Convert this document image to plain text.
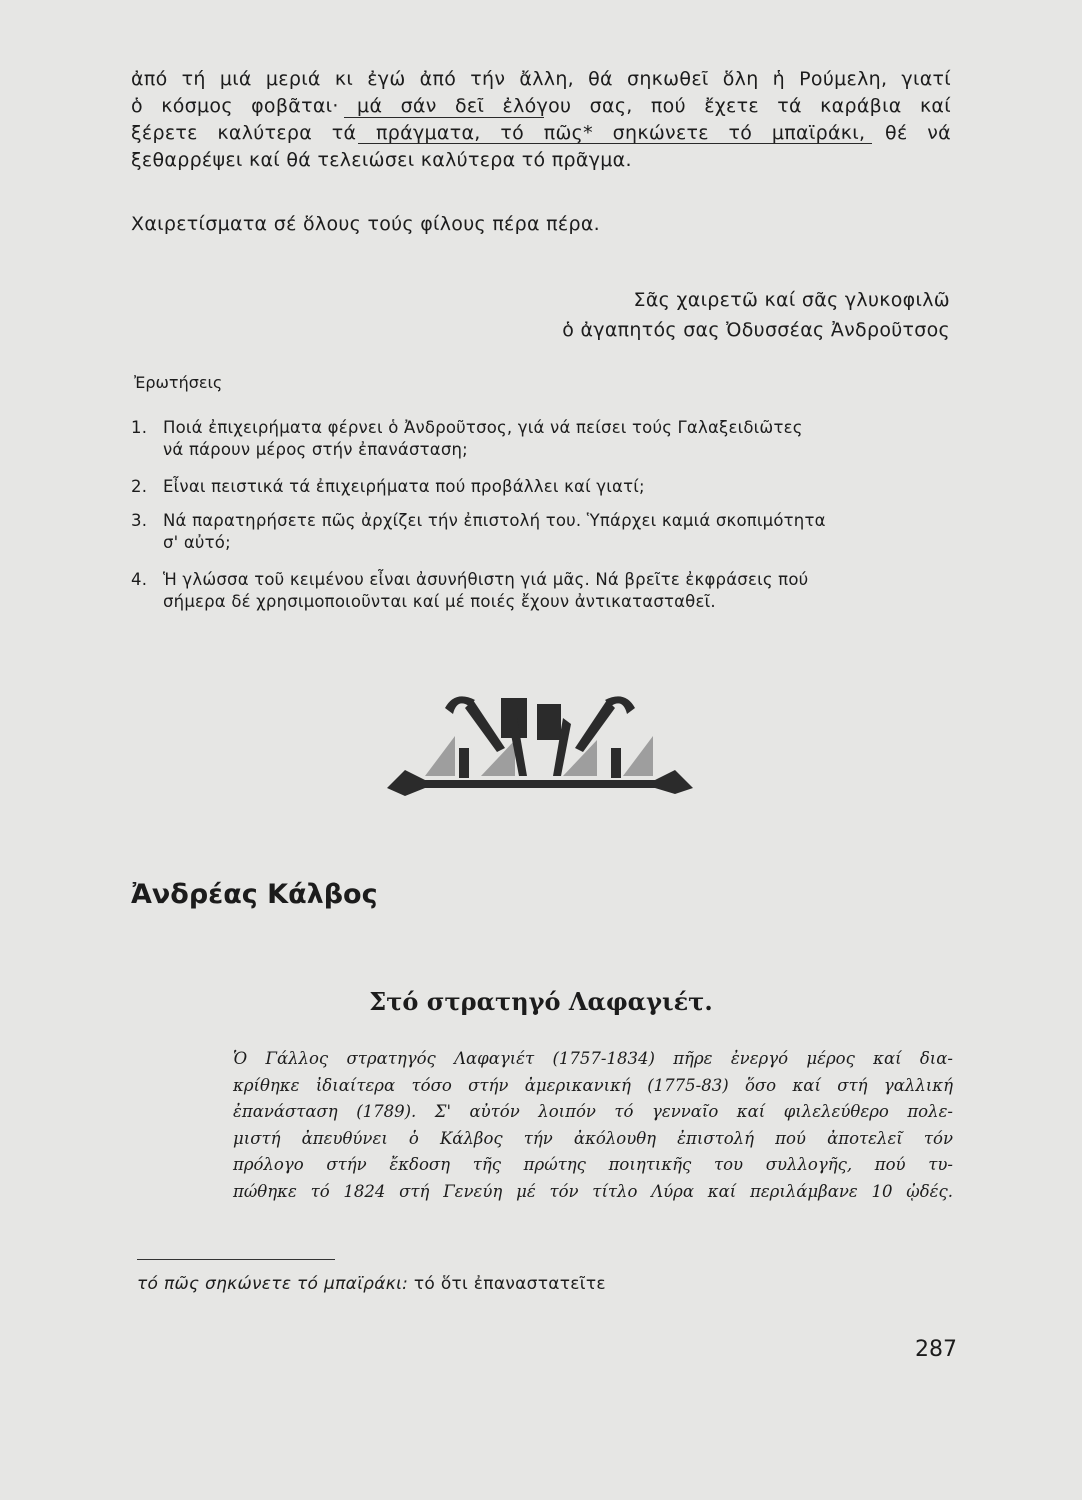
ἀπό τή μιά μεριά κι ἐγώ ἀπό τήν ἄλλη, θά σηκωθεῖ ὅλη ἡ Ρούμελη, γιατί
ὁ κόσμος φοβᾶται· μά σάν δεῖ ἐλόγου σας, πού ἔχετε τά καράβια καί
ξέρετε καλύτερα τά πράγματα, τό πῶς* σηκώνετε τό μπαϊράκι, θέ νά
ξεθαρρέψει καί θά τελειώσει καλύτερα τό πρᾶγμα.
Χαιρετίσματα σέ ὅλους τούς φίλους πέρα πέρα.
Σᾶς χαιρετῶ καί σᾶς γλυκοφιλῶ
ὁ ἀγαπητός σας Ὀδυσσέας Ἀνδροῦτσος
Ἐρωτήσεις
1. Ποιά ἐπιχειρήματα φέρνει ὁ Ἀνδροῦτσος, γιά νά πείσει τούς Γαλαξειδιῶτες
νά πάρουν μέρος στήν ἐπανάσταση;
2. Εἶναι πειστικά τά ἐπιχειρήματα πού προβάλλει καί γιατί;
3. Νά παρατηρήσετε πῶς ἀρχίζει τήν ἐπιστολή του. Ὑπάρχει καμιά σκοπιμότητα
σ' αὐτό;
4. Ἡ γλώσσα τοῦ κειμένου εἶναι ἀσυνήθιστη γιά μᾶς. Νά βρεῖτε ἐκφράσεις πού
σήμερα δέ χρησιμοποιοῦνται καί μέ ποιές ἔχουν ἀντικατασταθεῖ.
Ἀνδρέας Κάλβος
Στό στρατηγό Λαφαγιέτ.
Ὁ Γάλλος στρατηγός Λαφαγιέτ (1757-1834) πῆρε ἐνεργό μέρος καί δια-
κρίθηκε ἰδιαίτερα τόσο στήν ἀμερικανική (1775-83) ὅσο καί στή γαλλική
ἐπανάσταση (1789). Σ' αὐτόν λοιπόν τό γενναῖο καί φιλελεύθερο πολε-
μιστή ἀπευθύνει ὁ Κάλβος τήν ἀκόλουθη ἐπιστολή πού ἀποτελεῖ τόν
πρόλογο στήν ἔκδοση τῆς πρώτης ποιητικῆς του συλλογῆς, πού τυ-
πώθηκε τό 1824 στή Γενεύη μέ τόν τίτλο Λύρα καί περιλάμβανε 10 ᾠδές.
τό πῶς σηκώνετε τό μπαϊράκι: τό ὅτι ἐπαναστατεῖτε
287
